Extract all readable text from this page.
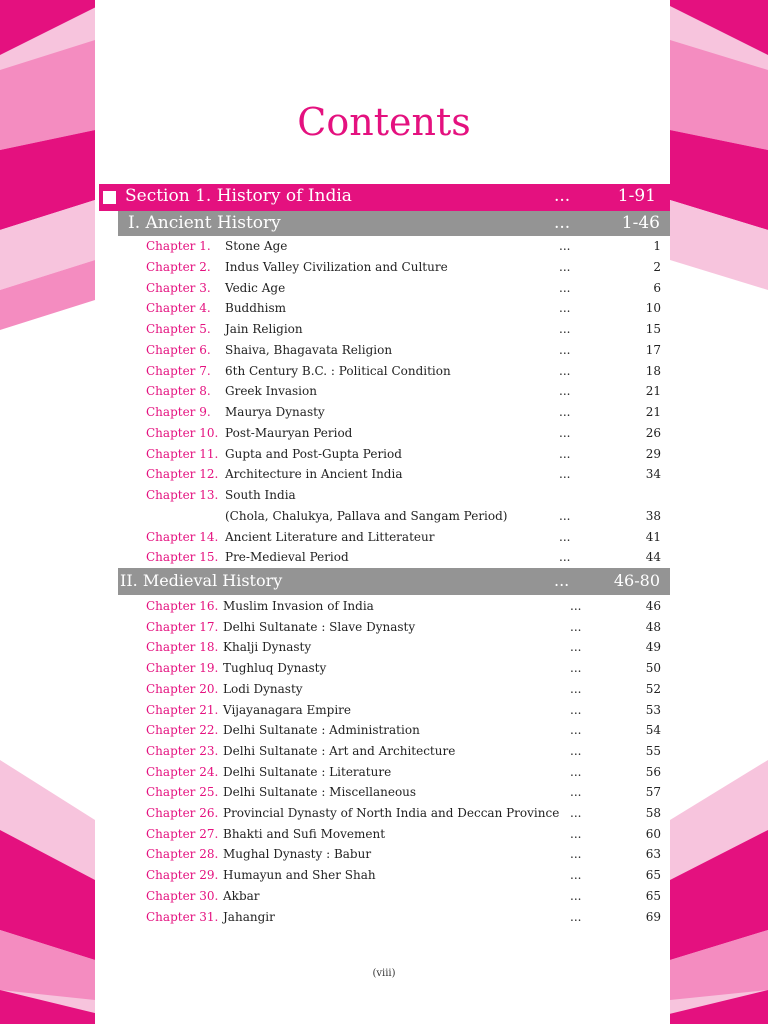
Contents
Section 1. History of India	...	1-91
I. Ancient History	...	1-46
Chapter 1. Stone Age	...	1
Chapter 2. Indus Valley Civilization and Culture	...	2
Chapter 3. Vedic Age	...	6
Chapter 4. Buddhism	...	10
Chapter 5. Jain Religion	...	15
Chapter 6. Shaiva, Bhagavata Religion	...	17
Chapter 7. 6th Century B.C. : Political Condition	...	18
Chapter 8. Greek Invasion	...	21
Chapter 9. Maurya Dynasty	...	21
Chapter 10. Post-Mauryan Period	...	26
Chapter 11. Gupta and Post-Gupta Period	...	29
Chapter 12. Architecture in Ancient India	...	34
Chapter 13. South India
(Chola, Chalukya, Pallava and Sangam Period)	...	38
Chapter 14. Ancient Literature and Litterateur	...	41
Chapter 15. Pre-Medieval Period	...	44
II. Medieval History	...	46-80
Chapter 16. Muslim Invasion of India	...	46
Chapter 17. Delhi Sultanate : Slave Dynasty	...	48
Chapter 18. Khalji Dynasty	...	49
Chapter 19. Tughluq Dynasty	...	50
Chapter 20. Lodi Dynasty	...	52
Chapter 21. Vijayanagara Empire	...	53
Chapter 22. Delhi Sultanate : Administration	...	54
Chapter 23. Delhi Sultanate : Art and Architecture	...	55
Chapter 24. Delhi Sultanate : Literature	...	56
Chapter 25. Delhi Sultanate : Miscellaneous	...	57
Chapter 26. Provincial Dynasty of North India and Deccan Province ...	58
Chapter 27. Bhakti and Sufi Movement	...	60
Chapter 28. Mughal Dynasty : Babur	...	63
Chapter 29. Humayun and Sher Shah	...	65
Chapter 30. Akbar	...	65
Chapter 31. Jahangir	...	69
(viii)
